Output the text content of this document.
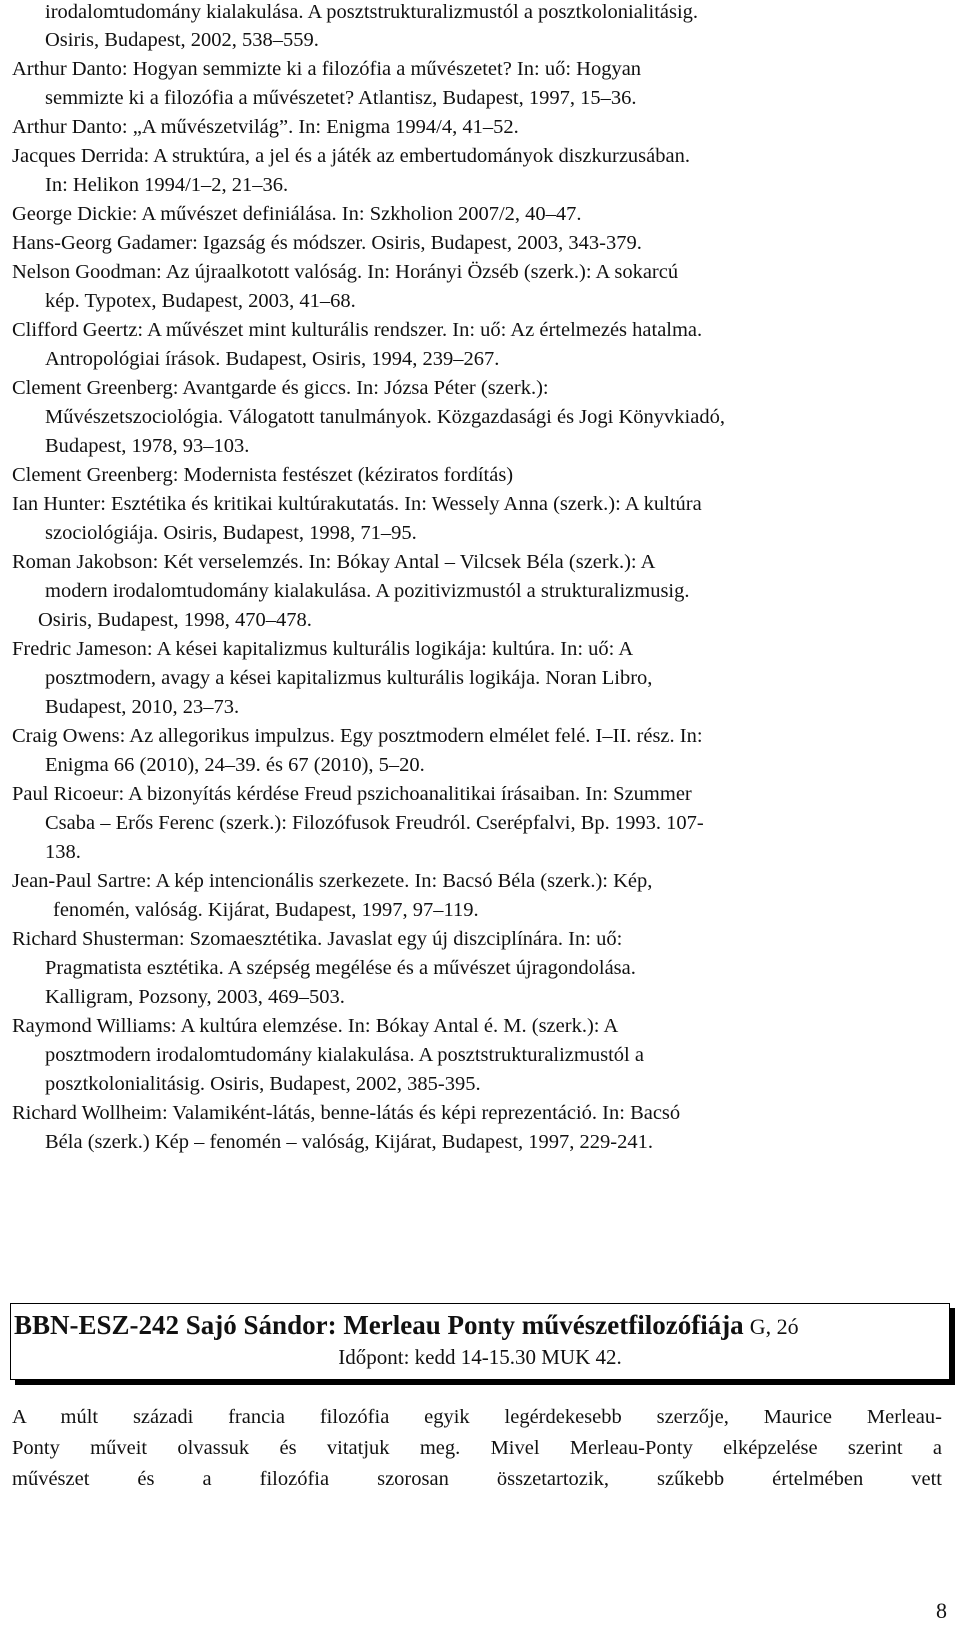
irodalomtudomány kialakulása. A posztstrukturalizmustól a posztkolonialitásig.
Osiris, Budapest, 2002, 538–559.
Arthur Danto: Hogyan semmizte ki a filozófia a művészetet? In: uő: Hogyan
semmizte ki a filozófia a művészetet? Atlantisz, Budapest, 1997, 15–36.
Arthur Danto: „A művészetvilág”. In: Enigma 1994/4, 41–52.
Jacques Derrida: A struktúra, a jel és a játék az embertudományok diszkurzusában.
In: Helikon 1994/1–2, 21–36.
George Dickie: A művészet definiálása. In: Szkholion 2007/2, 40–47.
Hans-Georg Gadamer: Igazság és módszer. Osiris, Budapest, 2003, 343-379.
Nelson Goodman: Az újraalkotott valóság. In: Horányi Özséb (szerk.): A sokarcú
kép. Typotex, Budapest, 2003, 41–68.
Clifford Geertz: A művészet mint kulturális rendszer. In: uő: Az értelmezés hatalma.
Antropológiai írások. Budapest, Osiris, 1994, 239–267.
Clement Greenberg: Avantgarde és giccs. In: Józsa Péter (szerk.):
Művészetszociológia. Válogatott tanulmányok. Közgazdasági és Jogi Könyvkiadó,
Budapest, 1978, 93–103.
Clement Greenberg: Modernista festészet (kéziratos fordítás)
Ian Hunter: Esztétika és kritikai kultúrakutatás. In: Wessely Anna (szerk.): A kultúra
szociológiája. Osiris, Budapest, 1998, 71–95.
Roman Jakobson: Két verselemzés. In: Bókay Antal – Vilcsek Béla (szerk.): A
modern irodalomtudomány kialakulása. A pozitivizmustól a strukturalizmusig.
Osiris, Budapest, 1998, 470–478.
Fredric Jameson: A kései kapitalizmus kulturális logikája: kultúra. In: uő: A
posztmodern, avagy a kései kapitalizmus kulturális logikája. Noran Libro,
Budapest, 2010, 23–73.
Craig Owens: Az allegorikus impulzus. Egy posztmodern elmélet felé. I–II. rész. In:
Enigma 66 (2010), 24–39. és 67 (2010), 5–20.
Paul Ricoeur: A bizonyítás kérdése Freud pszichoanalitikai írásaiban. In: Szummer
Csaba – Erős Ferenc (szerk.): Filozófusok Freudról. Cserépfalvi, Bp. 1993. 107-
138.
Jean-Paul Sartre: A kép intencionális szerkezete. In: Bacsó Béla (szerk.): Kép,
fenomén, valóság. Kijárat, Budapest, 1997, 97–119.
Richard Shusterman: Szomaesztétika. Javaslat egy új diszciplínára. In: uő:
Pragmatista esztétika. A szépség megélése és a művészet újragondolása.
Kalligram, Pozsony, 2003, 469–503.
Raymond Williams: A kultúra elemzése. In: Bókay Antal é. M. (szerk.): A
posztmodern irodalomtudomány kialakulása. A posztstrukturalizmustól a
posztkolonialitásig. Osiris, Budapest, 2002, 385-395.
Richard Wollheim: Valamiként-látás, benne-látás és képi reprezentáció. In: Bacsó
Béla (szerk.) Kép – fenomén – valóság, Kijárat, Budapest, 1997, 229-241.
BBN-ESZ-242 Sajó Sándor: Merleau Ponty művészetfilozófiája G, 2ó
Időpont: kedd 14-15.30 MUK 42.
A múlt századi francia filozófia egyik legérdekesebb szerzője, Maurice Merleau-
Ponty műveit olvassuk és vitatjuk meg. Mivel Merleau-Ponty elképzelése szerint a
művészet és a filozófia szorosan összetartozik, szűkebb értelmében vett
8
